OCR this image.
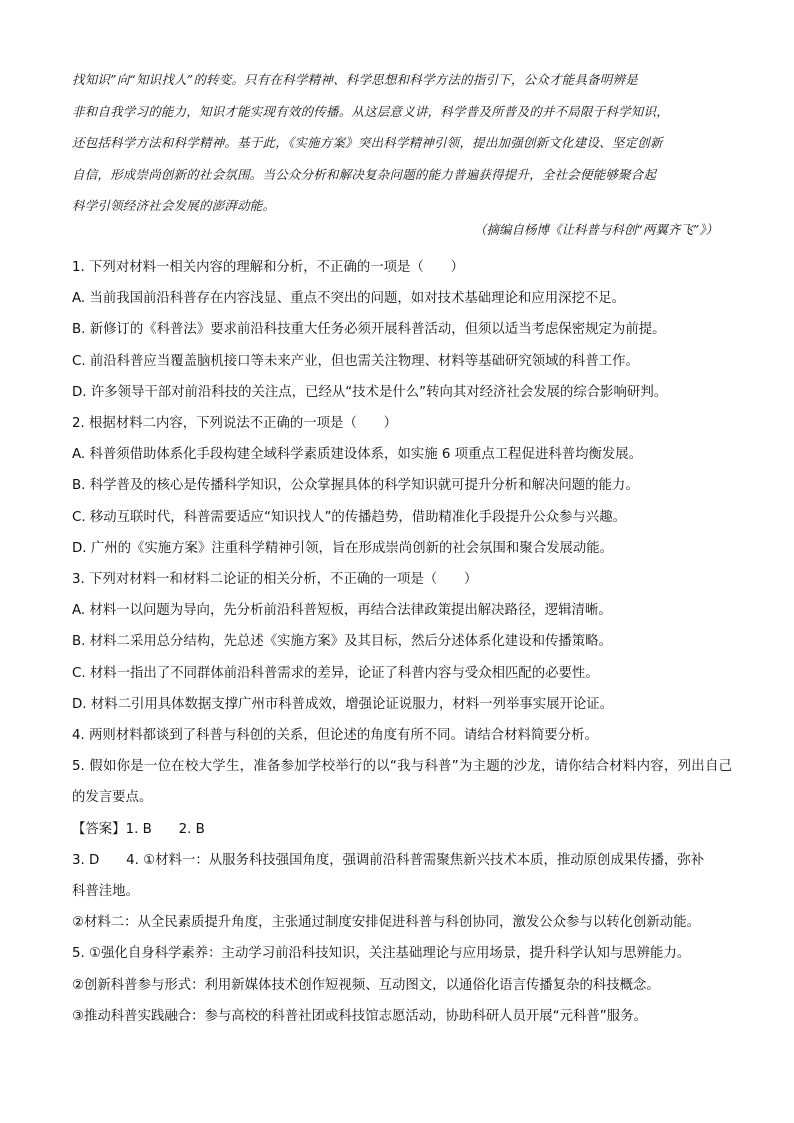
找知识”向“知识找人”的转变。只有在科学精神、科学思想和科学方法的指引下，公众才能具备明辨是

非和自我学习的能力，知识才能实现有效的传播。从这层意义讲，科学普及所普及的并不局限于科学知识，

还包括科学方法和科学精神。基于此，《实施方案》突出科学精神引领，提出加强创新文化建设、坚定创新

自信，形成崇尚创新的社会氛围。当公众分析和解决复杂问题的能力普遍获得提升，全社会便能够聚合起

科学引领经济社会发展的澎湃动能。

（摘编自杨博《让科普与科创“两翼齐飞”》）
1. 下列对材料一相关内容的理解和分析，不正确的一项是（　　）
A. 当前我国前沿科普存在内容浅显、重点不突出的问题，如对技术基础理论和应用深挖不足。
B. 新修订的《科普法》要求前沿科技重大任务必须开展科普活动，但须以适当考虑保密规定为前提。
C. 前沿科普应当覆盖脑机接口等未来产业，但也需关注物理、材料等基础研究领域的科普工作。
D. 许多领导干部对前沿科技的关注点，已经从“技术是什么”转向其对经济社会发展的综合影响研判。
2. 根据材料二内容，下列说法不正确的一项是（　　）
A. 科普须借助体系化手段构建全域科学素质建设体系，如实施 6 项重点工程促进科普均衡发展。
B. 科学普及的核心是传播科学知识，公众掌握具体的科学知识就可提升分析和解决问题的能力。
C. 移动互联时代，科普需要适应“知识找人”的传播趋势，借助精准化手段提升公众参与兴趣。
D. 广州的《实施方案》注重科学精神引领，旨在形成崇尚创新的社会氛围和聚合发展动能。
3. 下列对材料一和材料二论证的相关分析，不正确的一项是（　　）
A. 材料一以问题为导向，先分析前沿科普短板，再结合法律政策提出解决路径，逻辑清晰。
B. 材料二采用总分结构，先总述《实施方案》及其目标，然后分述体系化建设和传播策略。
C. 材料一指出了不同群体前沿科普需求的差异，论证了科普内容与受众相匹配的必要性。
D. 材料二引用具体数据支撑广州市科普成效，增强论证说服力，材料一列举事实展开论证。
4. 两则材料都谈到了科普与科创的关系，但论述的角度有所不同。请结合材料简要分析。
5. 假如你是一位在校大学生，准备参加学校举行的以“我与科普”为主题的沙龙，请你结合材料内容，列出自己的发言要点。
【答案】1. B　　2. B
3. D　　4. ①材料一：从服务科技强国角度，强调前沿科普需聚焦新兴技术本质，推动原创成果传播，弥补
科普洼地。
②材料二：从全民素质提升角度，主张通过制度安排促进科普与科创协同，激发公众参与以转化创新动能。
5. ①强化自身科学素养：主动学习前沿科技知识，关注基础理论与应用场景，提升科学认知与思辨能力。
②创新科普参与形式：利用新媒体技术创作短视频、互动图文，以通俗化语言传播复杂的科技概念。
③推动科普实践融合：参与高校的科普社团或科技馆志愿活动，协助科研人员开展“元科普”服务。
